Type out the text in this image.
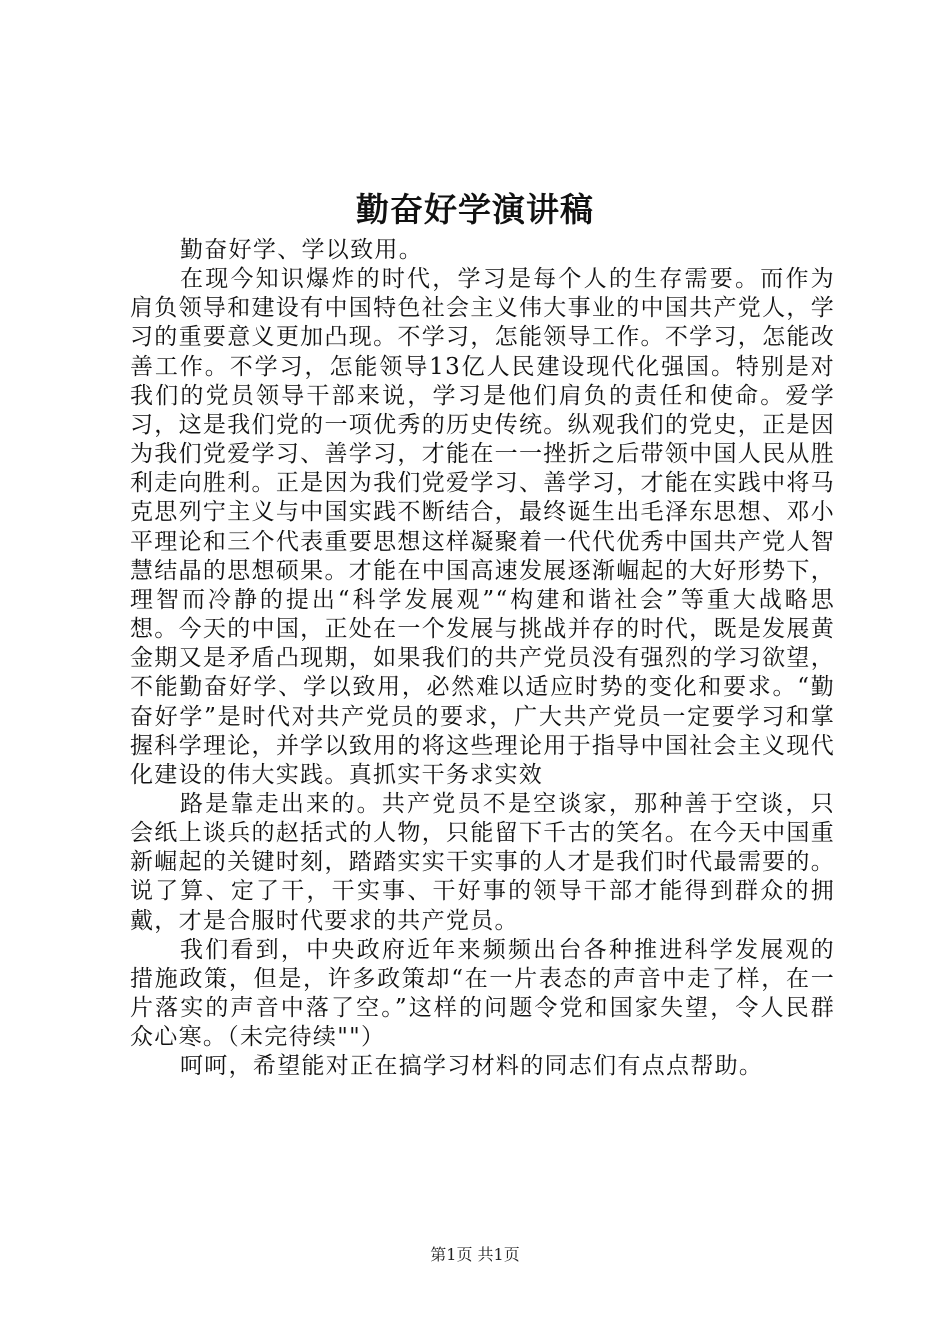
勤奋好学演讲稿

勤奋好学、学以致用。

在现今知识爆炸的时代，学习是每个人的生存需要。而作为肩负领导和建设有中国特色社会主义伟大事业的中国共产党人，学习的重要意义更加凸现。不学习，怎能领导工作。不学习，怎能改善工作。不学习，怎能领导13亿人民建设现代化强国。特别是对我们的党员领导干部来说，学习是他们肩负的责任和使命。爱学习，这是我们党的一项优秀的历史传统。纵观我们的党史，正是因为我们党爱学习、善学习，才能在一一挫折之后带领中国人民从胜利走向胜利。正是因为我们党爱学习、善学习，才能在实践中将马克思列宁主义与中国实践不断结合，最终诞生出毛泽东思想、邓小平理论和三个代表重要思想这样凝聚着一代代优秀中国共产党人智慧结晶的思想硕果。才能在中国高速发展逐渐崛起的大好形势下，理智而冷静的提出“科学发展观”“构建和谐社会”等重大战略思想。今天的中国，正处在一个发展与挑战并存的时代，既是发展黄金期又是矛盾凸现期，如果我们的共产党员没有强烈的学习欲望，不能勤奋好学、学以致用，必然难以适应时势的变化和要求。“勤奋好学”是时代对共产党员的要求，广大共产党员一定要学习和掌握科学理论，并学以致用的将这些理论用于指导中国社会主义现代化建设的伟大实践。真抓实干务求实效

路是靠走出来的。共产党员不是空谈家，那种善于空谈，只会纸上谈兵的赵括式的人物，只能留下千古的笑名。在今天中国重新崛起的关键时刻，踏踏实实干实事的人才是我们时代最需要的。说了算、定了干，干实事、干好事的领导干部才能得到群众的拥戴，才是合服时代要求的共产党员。

我们看到，中央政府近年来频频出台各种推进科学发展观的措施政策，但是，许多政策却“在一片表态的声音中走了样，在一片落实的声音中落了空。”这样的问题令党和国家失望，令人民群众心寒。（未完待续""）

呵呵，希望能对正在搞学习材料的同志们有点点帮助。

第1页 共1页
